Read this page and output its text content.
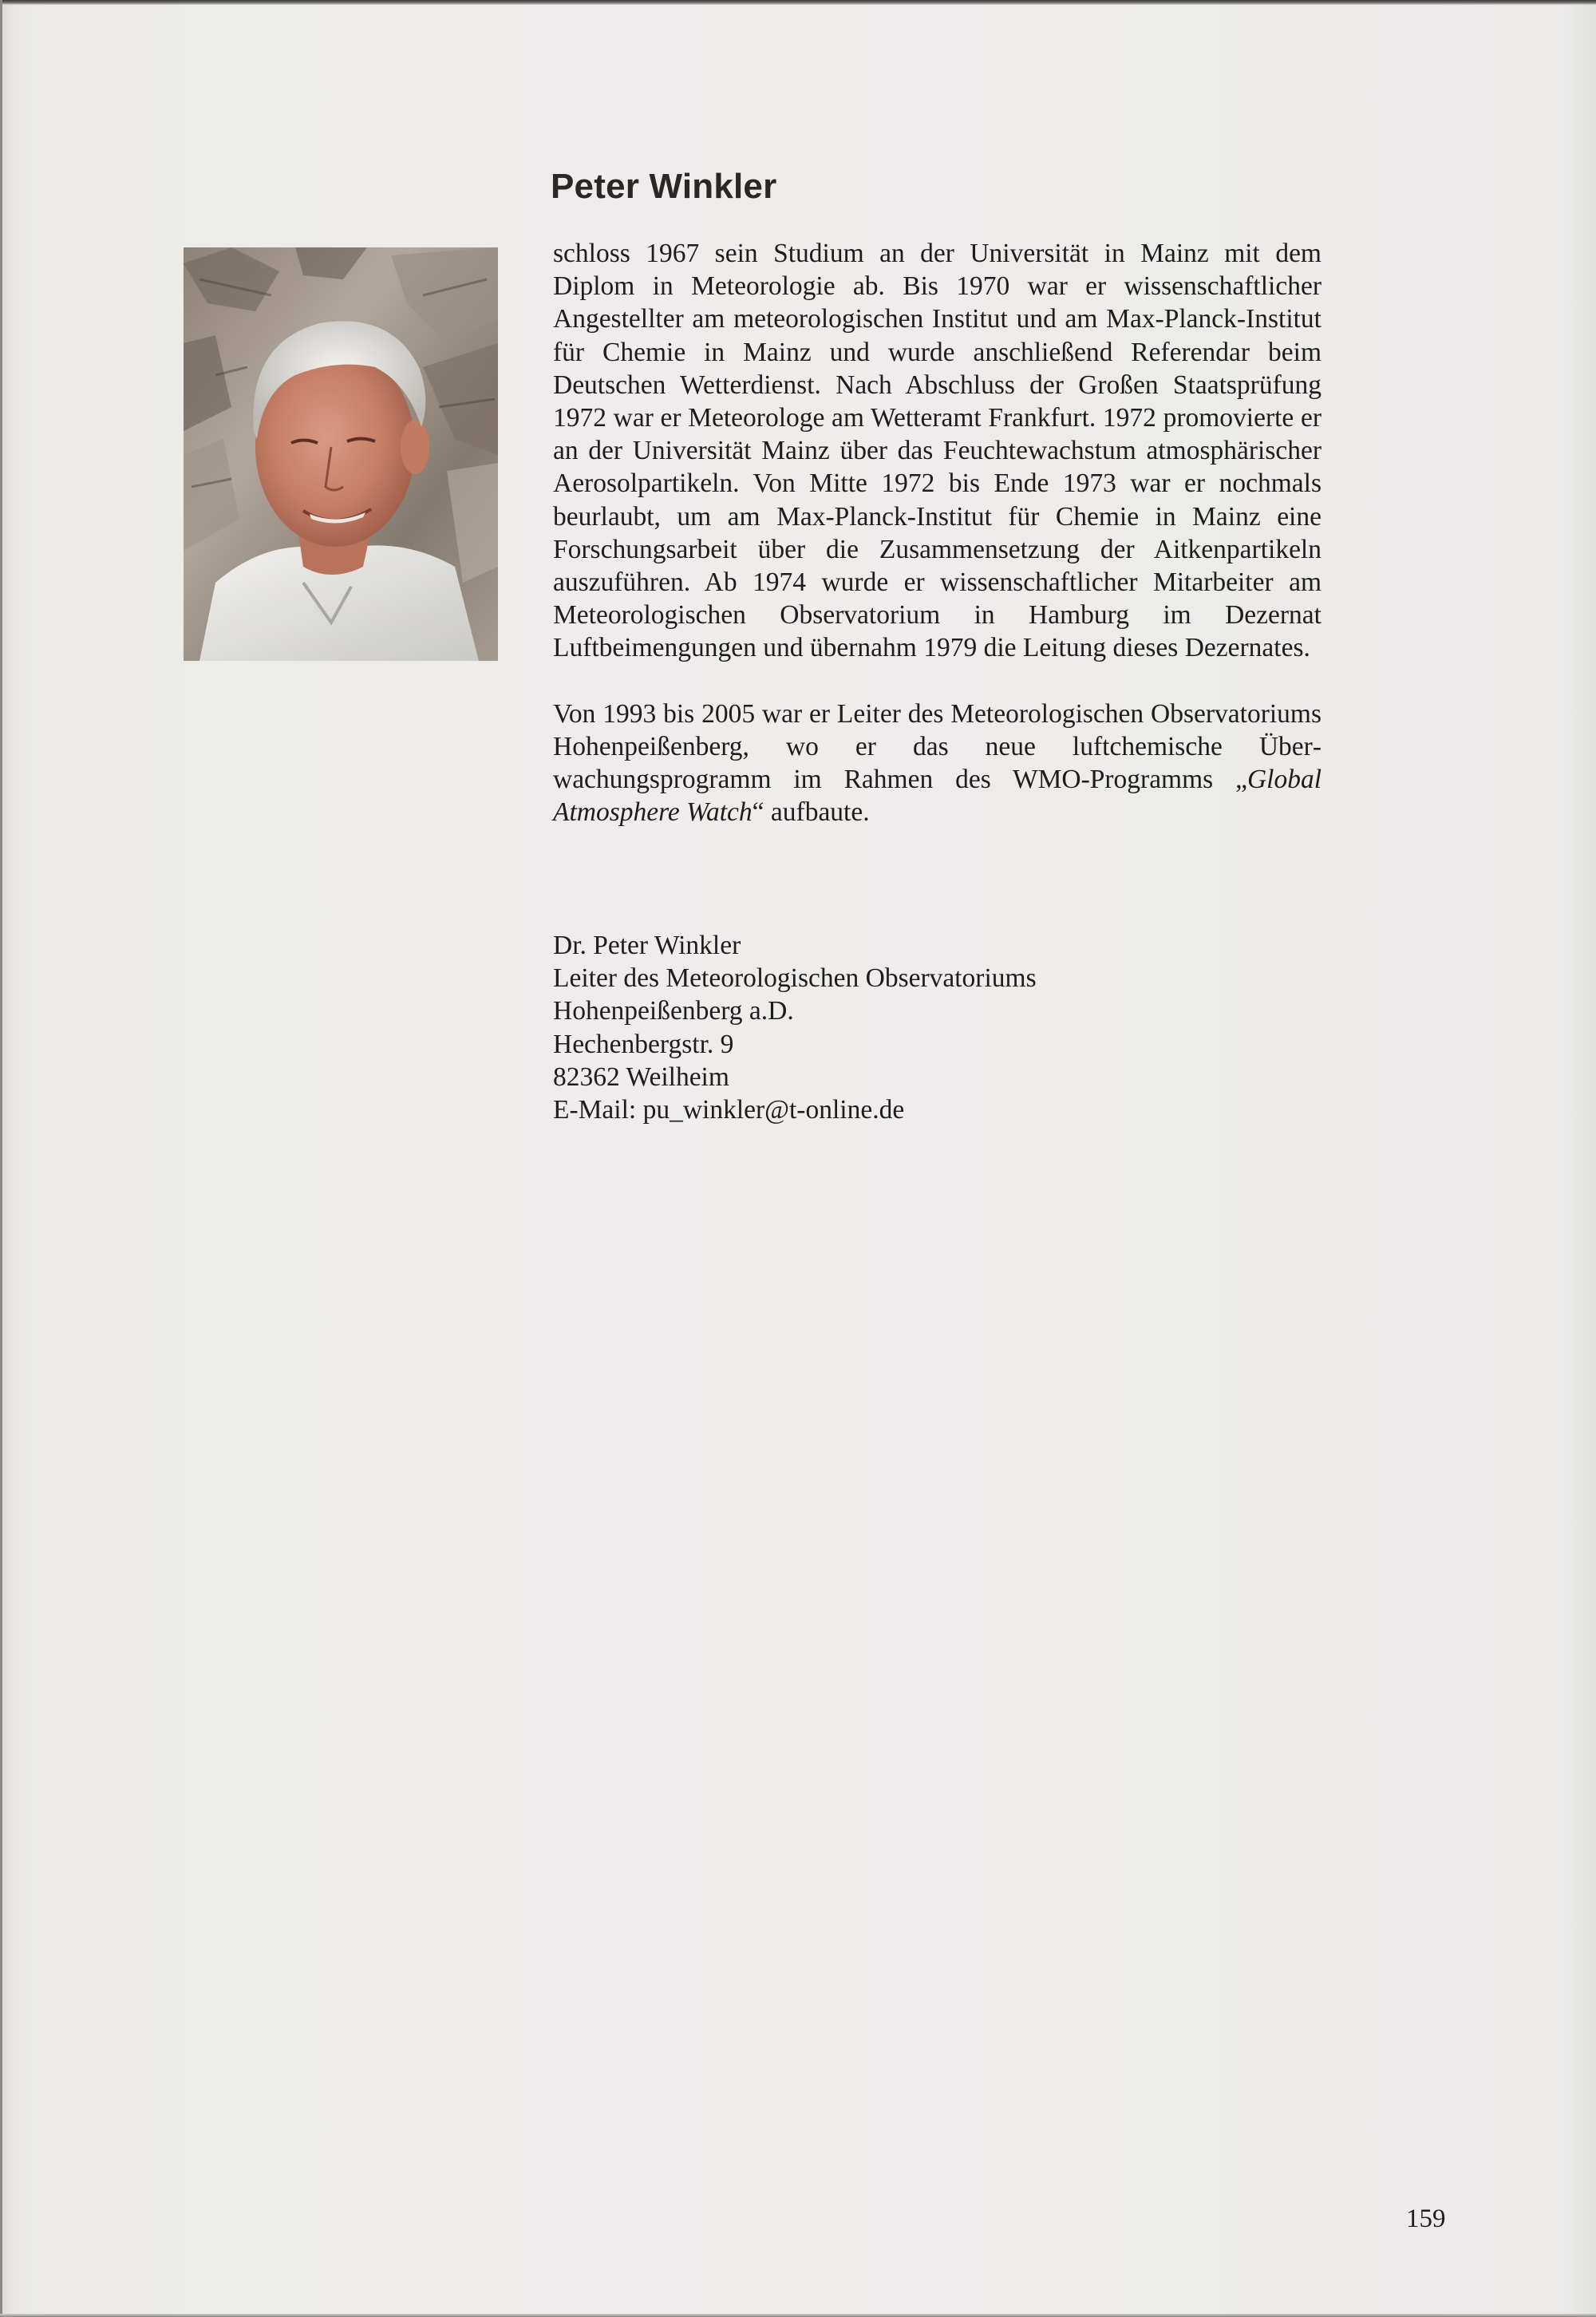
Peter Winkler

schloss 1967 sein Studium an der Universität in Mainz mit dem Diplom in Meteorologie ab. Bis 1970 war er wissenschaftlicher Angestellter am meteorologischen Institut und am Max-Planck-Institut für Chemie in Mainz und wurde anschließend Referendar beim Deutschen Wetterdienst. Nach Abschluss der Großen Staatsprüfung 1972 war er Meteorologe am Wetteramt Frankfurt. 1972 promovierte er an der Universität Mainz über das Feuchtewachstum atmosphärischer Aerosolpartikeln. Von Mitte 1972 bis Ende 1973 war er nochmals beurlaubt, um am Max-Planck-Institut für Chemie in Mainz eine Forschungsarbeit über die Zusammensetzung der Aitkenpartikeln auszuführen. Ab 1974 wurde er wissenschaftlicher Mitarbeiter am Meteorologischen Observatorium in Hamburg im Dezernat Luftbeimengungen und übernahm 1979 die Leitung dieses Dezernates.

Von 1993 bis 2005 war er Leiter des Meteorologischen Observatoriums Hohenpeißenberg, wo er das neue luftchemische Überwachungsprogramm im Rahmen des WMO-Programms „Global Atmosphere Watch“ aufbaute.

Dr. Peter Winkler
Leiter des Meteorologischen Observatoriums
Hohenpeißenberg a.D.
Hechenbergstr. 9
82362 Weilheim
E-Mail: pu_winkler@t-online.de
159
